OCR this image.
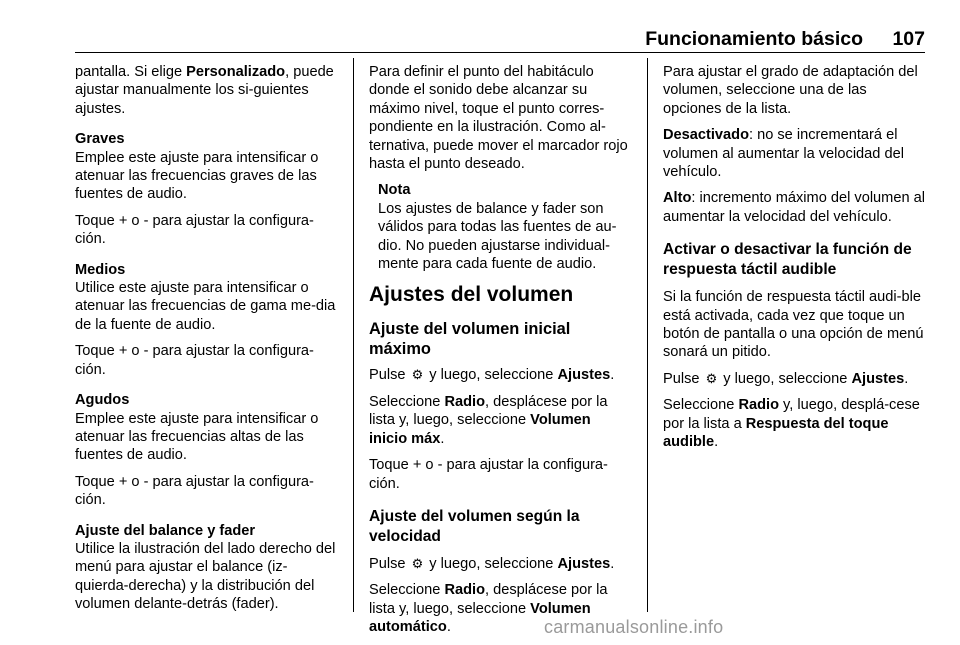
Funcionamiento básico 107

pantalla. Si elige Personalizado, puede ajustar manualmente los si-guientes ajustes.

Graves

Emplee este ajuste para intensificar o atenuar las frecuencias graves de las fuentes de audio.

Toque + o - para ajustar la configura-ción.

Medios

Utilice este ajuste para intensificar o atenuar las frecuencias de gama me-dia de la fuente de audio.

Toque + o - para ajustar la configura-ción.

Agudos

Emplee este ajuste para intensificar o atenuar las frecuencias altas de las fuentes de audio.

Toque + o - para ajustar la configura-ción.

Ajuste del balance y fader

Utilice la ilustración del lado derecho del menú para ajustar el balance (iz-quierda-derecha) y la distribución del volumen delante-detrás (fader).

Para definir el punto del habitáculo donde el sonido debe alcanzar su máximo nivel, toque el punto corres-pondiente en la ilustración. Como al-ternativa, puede mover el marcador rojo hasta el punto deseado.

Nota
Los ajustes de balance y fader son válidos para todas las fuentes de au-dio. No pueden ajustarse individual-mente para cada fuente de audio.
Ajustes del volumen
Ajuste del volumen inicial máximo

Pulse ⚙ y luego, seleccione Ajustes.

Seleccione Radio, desplácese por la lista y, luego, seleccione Volumen inicio máx.

Toque + o - para ajustar la configura-ción.

Ajuste del volumen según la velocidad

Pulse ⚙ y luego, seleccione Ajustes.

Seleccione Radio, desplácese por la lista y, luego, seleccione Volumen automático.

Para ajustar el grado de adaptación del volumen, seleccione una de las opciones de la lista.

Desactivado: no se incrementará el volumen al aumentar la velocidad del vehículo.

Alto: incremento máximo del volumen al aumentar la velocidad del vehículo.

Activar o desactivar la función de respuesta táctil audible

Si la función de respuesta táctil audi-ble está activada, cada vez que toque un botón de pantalla o una opción de menú sonará un pitido.

Pulse ⚙ y luego, seleccione Ajustes.

Seleccione Radio y, luego, desplá-cese por la lista a Respuesta del toque audible.

carmanualsonline.info
